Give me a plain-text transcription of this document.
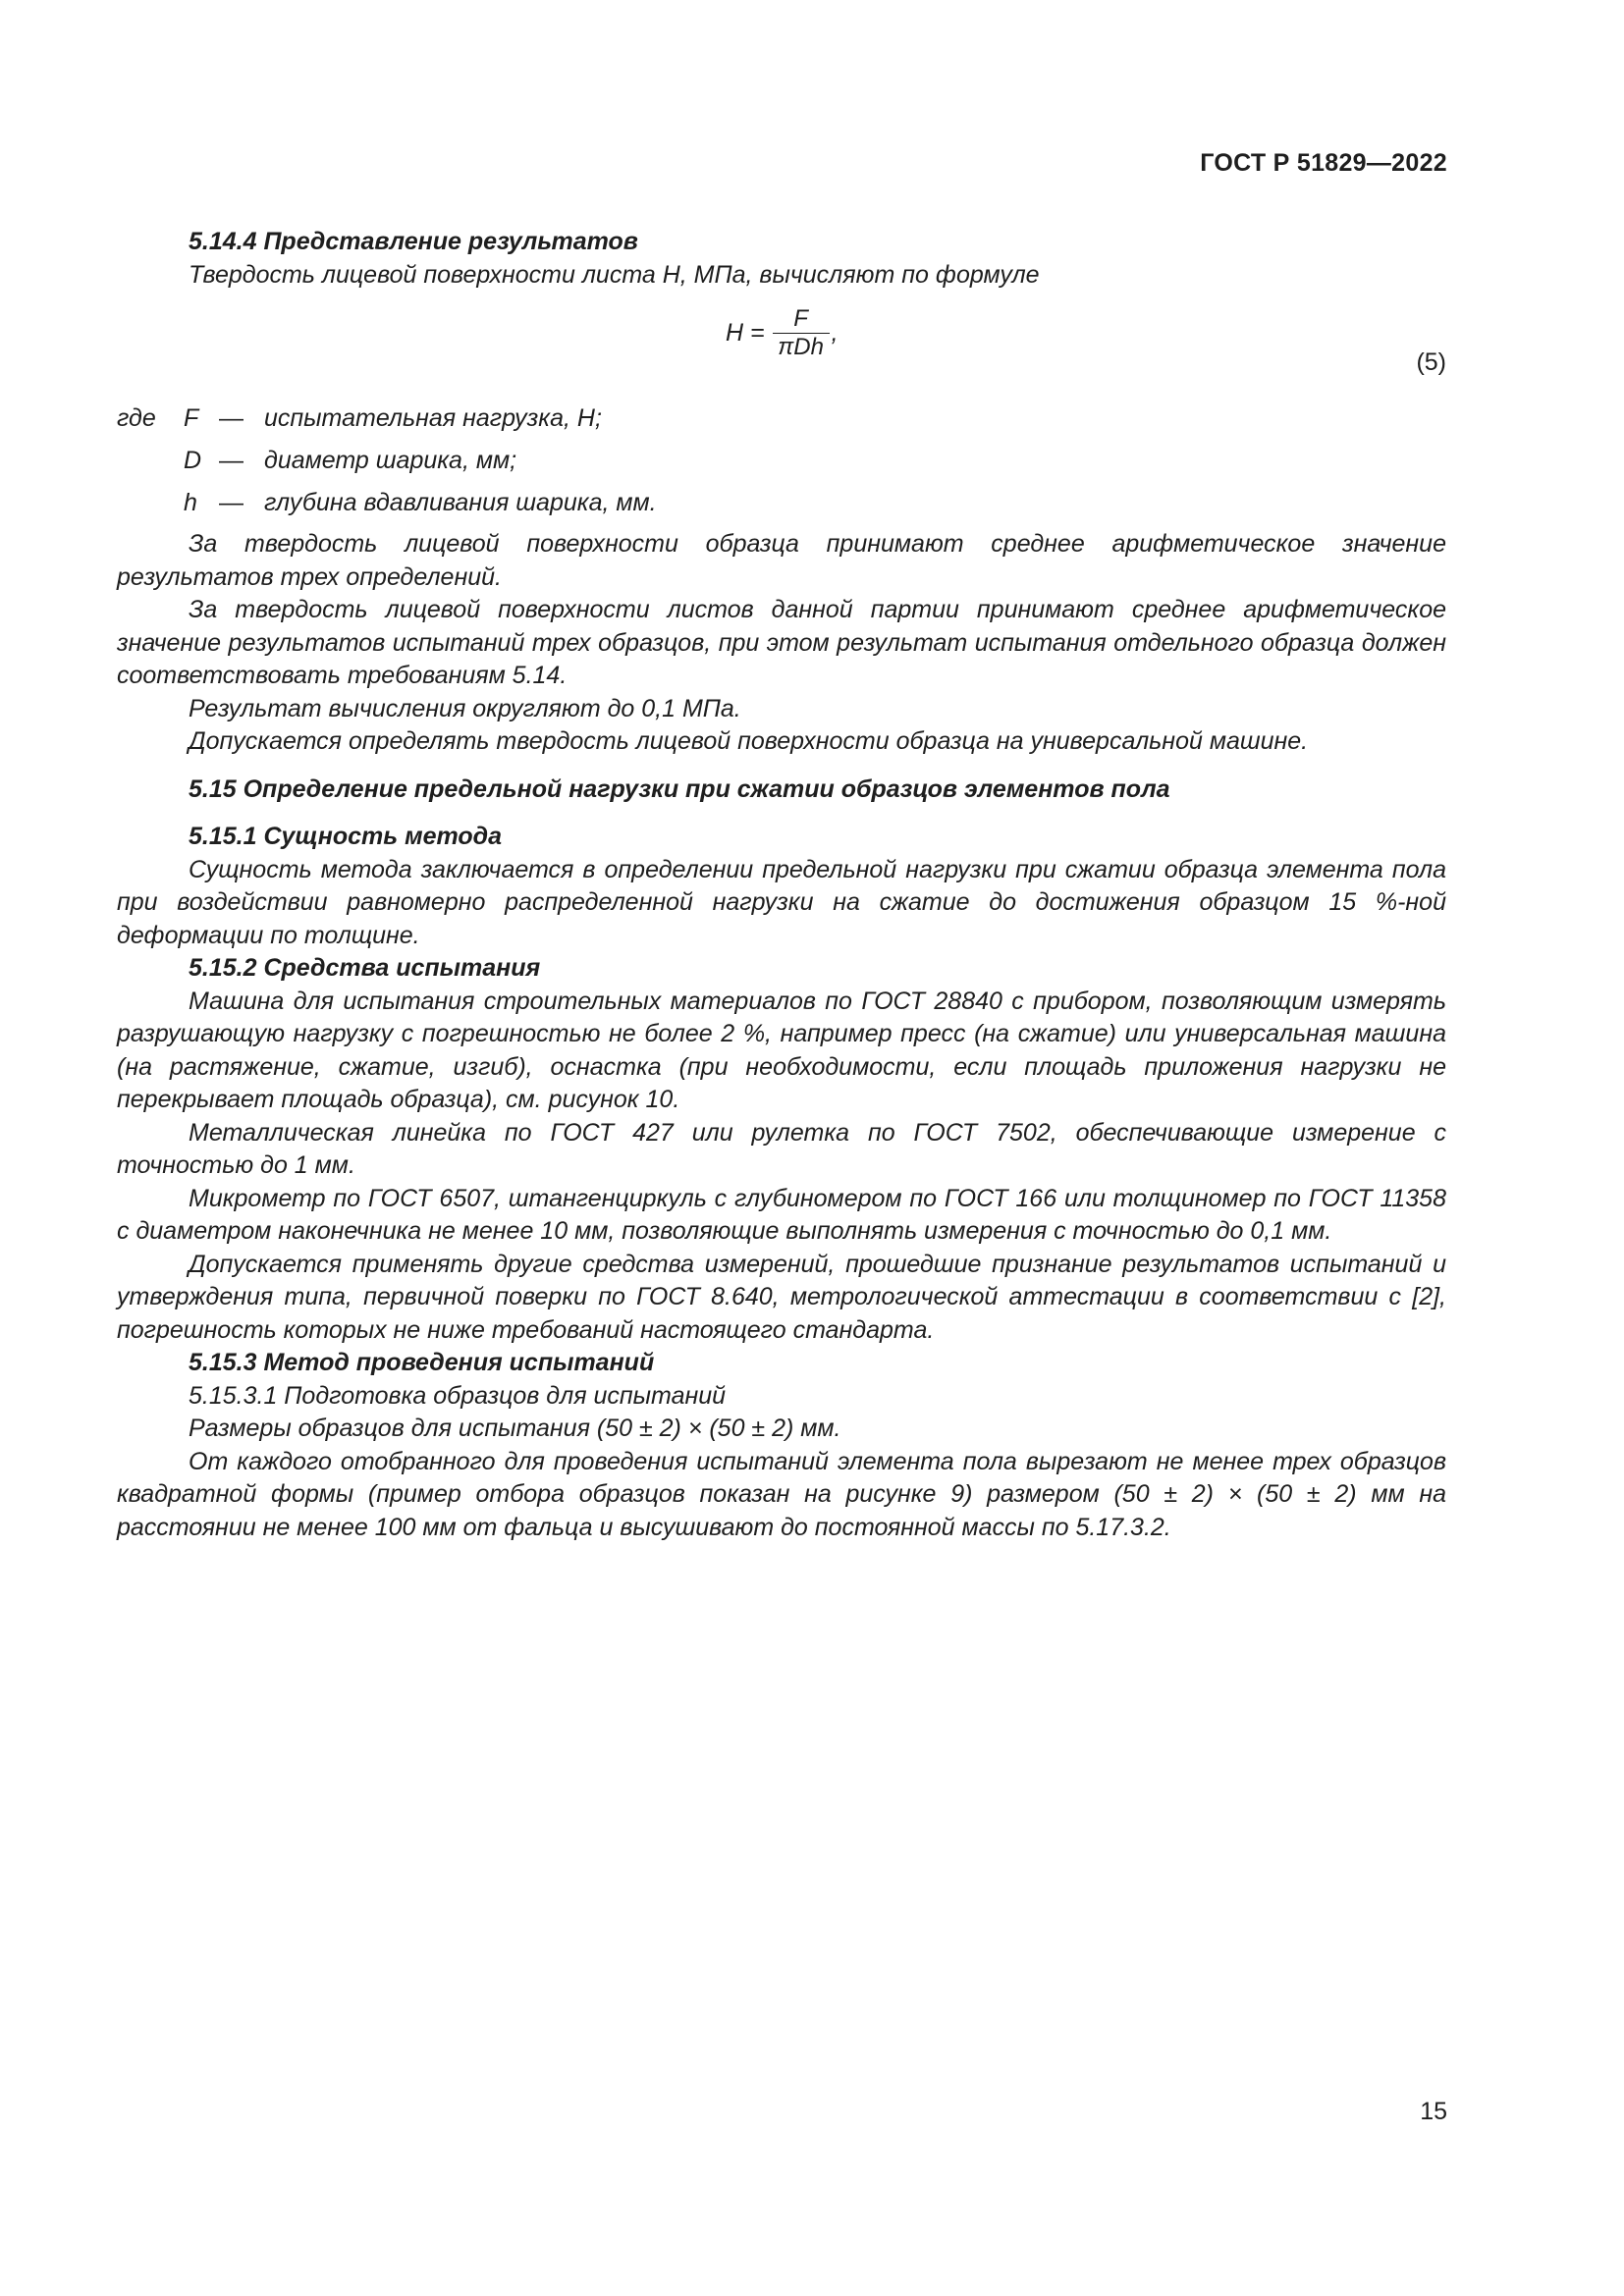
ГОСТ Р 51829—2022

5.14.4 Представление результатов

Твердость лицевой поверхности листа H, МПа, вычисляют по формуле

$H = \frac{F}{\text{πDh}}$ ,
(5)
где	F — испытательная нагрузка, Н;
D — диаметр шарика, мм;
h — глубина вдавливания шарика, мм.

За твердость лицевой поверхности образца принимают среднее арифметическое значение результатов трех определений.

За твердость лицевой поверхности листов данной партии принимают среднее арифметическое значение результатов испытаний трех образцов, при этом результат испытания отдельного образца должен соответствовать требованиям 5.14.

Результат вычисления округляют до 0,1 МПа.

Допускается определять твердость лицевой поверхности образца на универсальной машине.

5.15 Определение предельной нагрузки при сжатии образцов элементов пола

5.15.1 Сущность метода

Сущность метода заключается в определении предельной нагрузки при сжатии образца элемента пола при воздействии равномерно распределенной нагрузки на сжатие до достижения образцом 15 %-ной деформации по толщине.

5.15.2 Средства испытания

Машина для испытания строительных материалов по ГОСТ 28840 с прибором, позволяющим измерять разрушающую нагрузку с погрешностью не более 2 %, например пресс (на сжатие) или универсальная машина (на растяжение, сжатие, изгиб), оснастка (при необходимости, если площадь приложения нагрузки не перекрывает площадь образца), см. рисунок 10.

Металлическая линейка по ГОСТ 427 или рулетка по ГОСТ 7502, обеспечивающие измерение с точностью до 1 мм.

Микрометр по ГОСТ 6507, штангенциркуль с глубиномером по ГОСТ 166 или толщиномер по ГОСТ 11358 с диаметром наконечника не менее 10 мм, позволяющие выполнять измерения с точностью до 0,1 мм.

Допускается применять другие средства измерений, прошедшие признание результатов испытаний и утверждения типа, первичной поверки по ГОСТ 8.640, метрологической аттестации в соответствии с [2], погрешность которых не ниже требований настоящего стандарта.

5.15.3 Метод проведения испытаний

5.15.3.1 Подготовка образцов для испытаний

Размеры образцов для испытания (50 ± 2) × (50 ± 2) мм.

От каждого отобранного для проведения испытаний элемента пола вырезают не менее трех образцов квадратной формы (пример отбора образцов показан на рисунке 9) размером (50 ± 2) × (50 ± 2) мм на расстоянии не менее 100 мм от фальца и высушивают до постоянной массы по 5.17.3.2.

15
